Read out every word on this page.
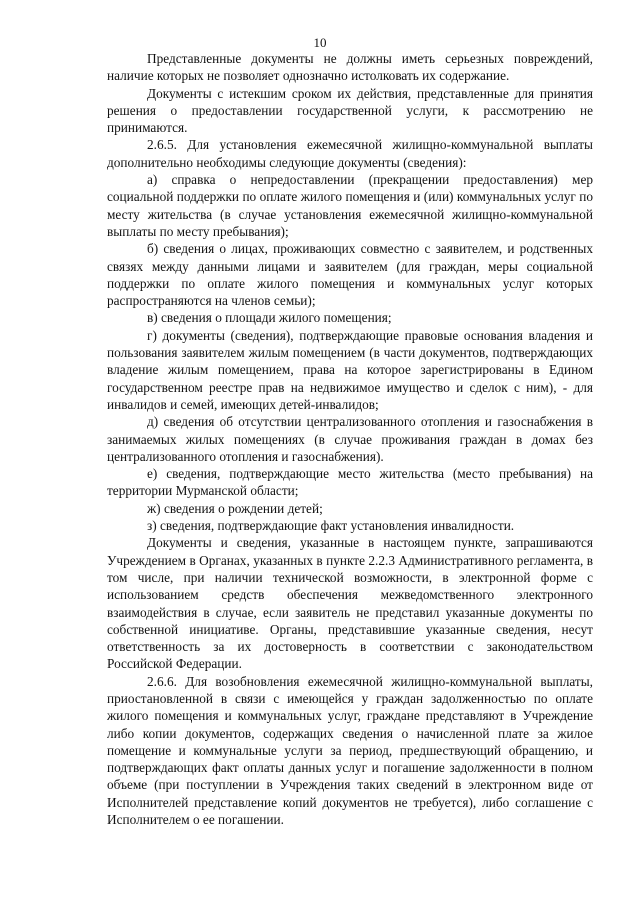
10

Представленные документы не должны иметь серьезных повреждений, наличие которых не позволяет однозначно истолковать их содержание.

Документы с истекшим сроком их действия, представленные для принятия решения о предоставлении государственной услуги, к рассмотрению не принимаются.

2.6.5. Для установления ежемесячной жилищно-коммунальной выплаты дополнительно необходимы следующие документы (сведения):

а) справка о непредоставлении (прекращении предоставления) мер социальной поддержки по оплате жилого помещения и (или) коммунальных услуг по месту жительства (в случае установления ежемесячной жилищно-коммунальной выплаты по месту пребывания);

б) сведения о лицах, проживающих совместно с заявителем, и родственных связях между данными лицами и заявителем (для граждан, меры социальной поддержки по оплате жилого помещения и коммунальных услуг которых распространяются на членов семьи);

в) сведения о площади жилого помещения;

г) документы (сведения), подтверждающие правовые основания владения и пользования заявителем жилым помещением (в части документов, подтверждающих владение жилым помещением, права на которое зарегистрированы в Едином государственном реестре прав на недвижимое имущество и сделок с ним), - для инвалидов и семей, имеющих детей-инвалидов;

д) сведения об отсутствии централизованного отопления и газоснабжения в занимаемых жилых помещениях (в случае проживания граждан в домах без централизованного отопления и газоснабжения).

е) сведения, подтверждающие место жительства (место пребывания) на территории Мурманской области;

ж) сведения о рождении детей;

з) сведения, подтверждающие факт установления инвалидности.

Документы и сведения, указанные в настоящем пункте, запрашиваются Учреждением в Органах, указанных в пункте 2.2.3 Административного регламента, в том числе, при наличии технической возможности, в электронной форме с использованием средств обеспечения межведомственного электронного взаимодействия в случае, если заявитель не представил указанные документы по собственной инициативе. Органы, представившие указанные сведения, несут ответственность за их достоверность в соответствии с законодательством Российской Федерации.

2.6.6. Для возобновления ежемесячной жилищно-коммунальной выплаты, приостановленной в связи с имеющейся у граждан задолженностью по оплате жилого помещения и коммунальных услуг, граждане представляют в Учреждение либо копии документов, содержащих сведения о начисленной плате за жилое помещение и коммунальные услуги за период, предшествующий обращению, и подтверждающих факт оплаты данных услуг и погашение задолженности в полном объеме (при поступлении в Учреждения таких сведений в электронном виде от Исполнителей представление копий документов не требуется), либо соглашение с Исполнителем о ее погашении.
